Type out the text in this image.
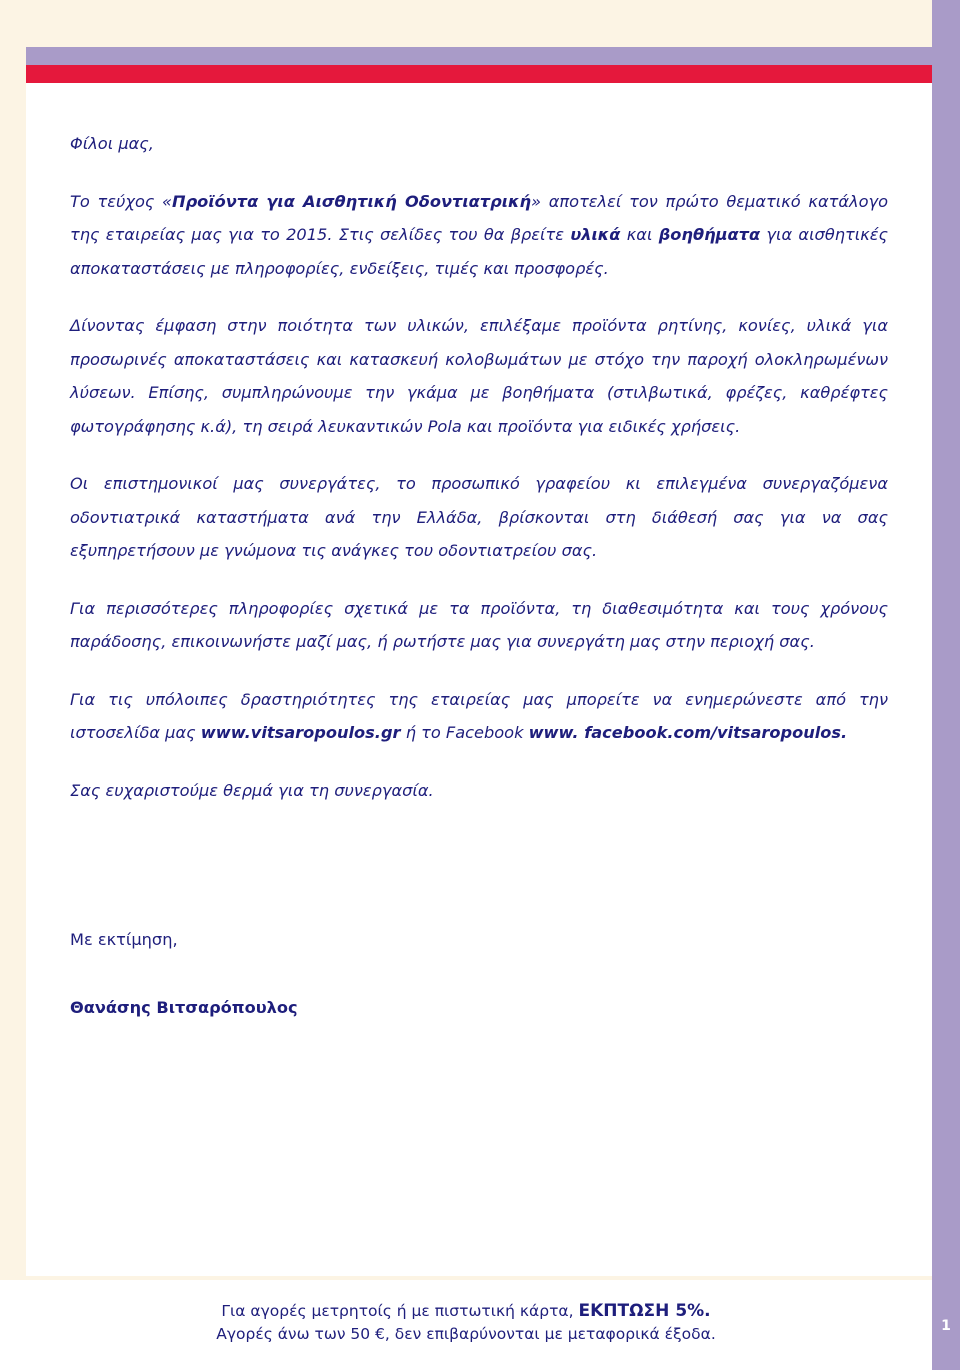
Φίλοι μας,

Το τεύχος «Προϊόντα για Αισθητική Οδοντιατρική» αποτελεί τον πρώτο θεματικό κατάλογο της εταιρείας μας για το 2015. Στις σελίδες του θα βρείτε υλικά και βοηθήματα για αισθητικές αποκαταστάσεις με πληροφορίες, ενδείξεις, τιμές και προσφορές.

Δίνοντας έμφαση στην ποιότητα των υλικών, επιλέξαμε προϊόντα ρητίνης, κονίες, υλικά για προσωρινές αποκαταστάσεις και κατασκευή κολοβωμάτων με στόχο την παροχή ολοκληρωμένων λύσεων. Επίσης, συμπληρώνουμε την γκάμα με βοηθήματα (στιλβωτικά, φρέζες, καθρέφτες φωτογράφησης κ.ά), τη σειρά λευκαντικών Pola και προϊόντα για ειδικές χρήσεις.

Οι επιστημονικοί μας συνεργάτες, το προσωπικό γραφείου κι επιλεγμένα συνεργαζόμενα οδοντιατρικά καταστήματα ανά την Ελλάδα, βρίσκονται στη διάθεσή σας για να σας εξυπηρετήσουν με γνώμονα τις ανάγκες του οδοντιατρείου σας.

Για περισσότερες πληροφορίες σχετικά με τα προϊόντα, τη διαθεσιμότητα και τους χρόνους παράδοσης, επικοινωνήστε μαζί μας, ή ρωτήστε μας για συνεργάτη μας στην περιοχή σας.

Για τις υπόλοιπες δραστηριότητες της εταιρείας μας μπορείτε να ενημερώνεστε από την ιστοσελίδα μας www.vitsaropoulos.gr ή το Facebook www. facebook.com/vitsaropoulos.

Σας ευχαριστούμε θερμά για τη συνεργασία.

Με εκτίμηση,
Θανάσης Βιτσαρόπουλος
Για αγορές μετρητοίς ή με πιστωτική κάρτα, ΕΚΠΤΩΣΗ 5%.
Αγορές άνω των 50 €, δεν επιβαρύνονται με μεταφορικά έξοδα.	1
